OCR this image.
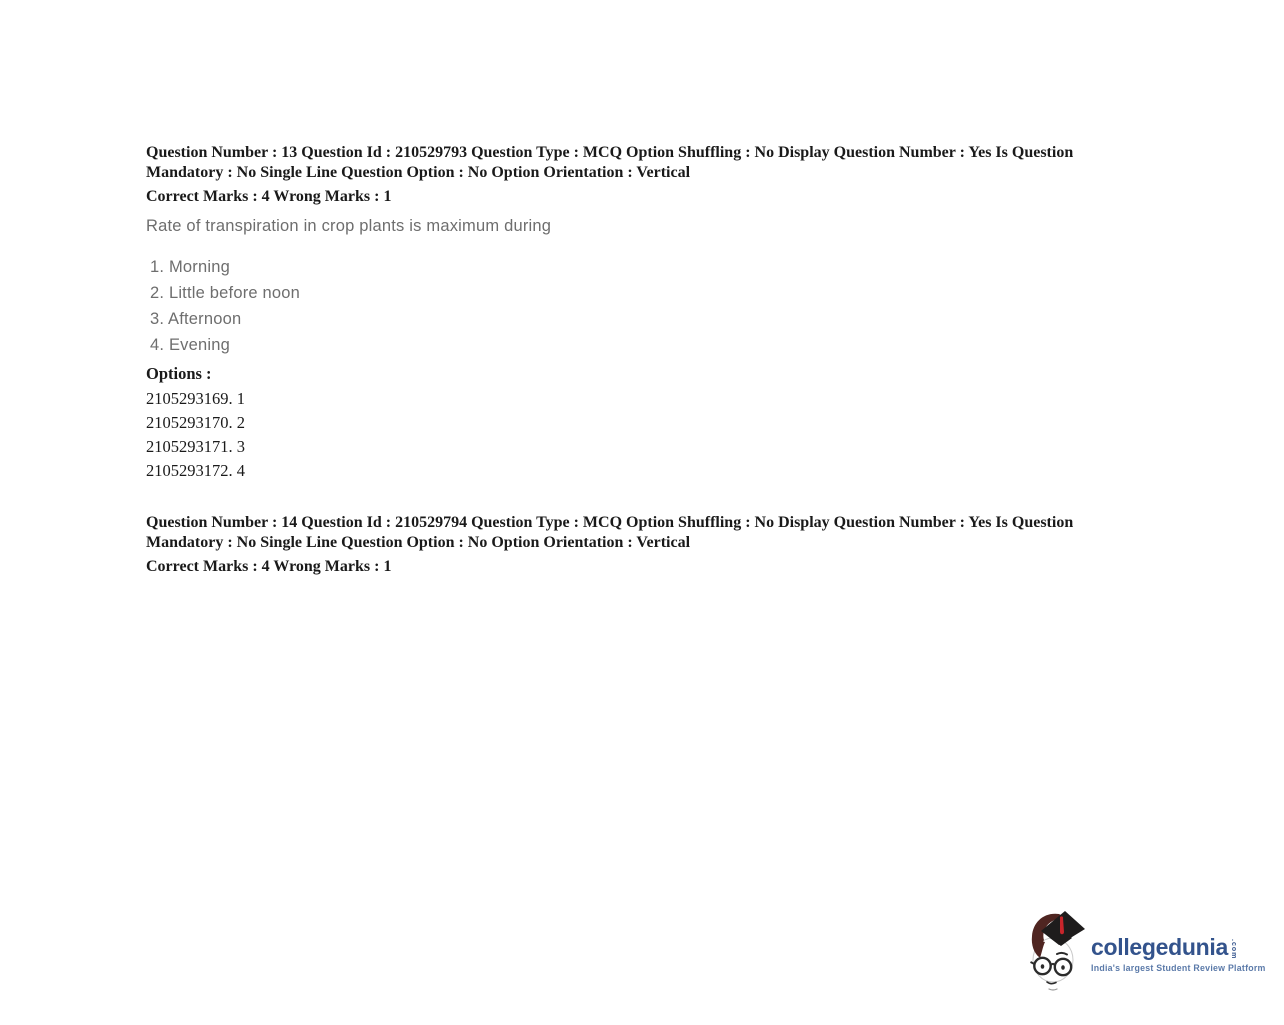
Question Number : 13 Question Id : 210529793 Question Type : MCQ Option Shuffling : No Display Question Number : Yes Is Question
Mandatory : No Single Line Question Option : No Option Orientation : Vertical
Correct Marks : 4 Wrong Marks : 1
Rate of transpiration in crop plants is maximum during
1. Morning
2. Little before noon
3. Afternoon
4. Evening
Options :
2105293169. 1
2105293170. 2
2105293171. 3
2105293172. 4
Question Number : 14 Question Id : 210529794 Question Type : MCQ Option Shuffling : No Display Question Number : Yes Is Question
Mandatory : No Single Line Question Option : No Option Orientation : Vertical
Correct Marks : 4 Wrong Marks : 1
collegedunia .com
India's largest Student Review Platform
